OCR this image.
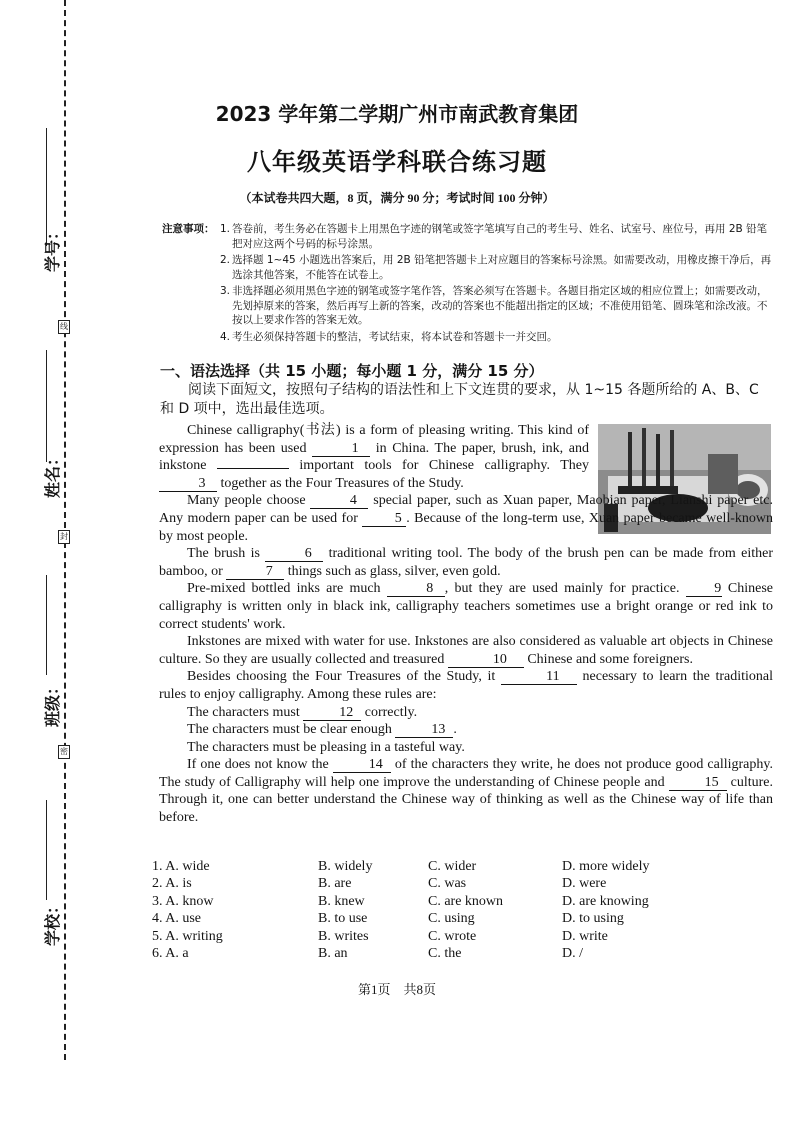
学号：
线
姓名：
封
班级：
密
学校：
2023 学年第二学期广州市南武教育集团
八年级英语学科联合练习题
（本试卷共四大题，8 页，满分 90 分；考试时间 100 分钟）
注意事项： 1. 答卷前，考生务必在答题卡上用黑色字迹的钢笔或签字笔填写自己的考生号、姓名、试室号、座位号，再用 2B 铅笔把对应这两个号码的标号涂黑。
2. 选择题 1~45 小题选出答案后，用 2B 铅笔把答题卡上对应题目的答案标号涂黑。如需要改动，用橡皮擦干净后，再选涂其他答案，不能答在试卷上。
3. 非选择题必须用黑色字迹的钢笔或签字笔作答，答案必须写在答题卡。各题目指定区域的相应位置上；如需要改动，先划掉原来的答案，然后再写上新的答案，改动的答案也不能超出指定的区域；不准使用铅笔、圆珠笔和涂改液。不按以上要求作答的答案无效。
4. 考生必须保持答题卡的整洁，考试结束，将本试卷和答题卡一并交回。
一、语法选择（共 15 小题；每小题 1 分，满分 15 分）
阅读下面短文，按照句子结构的语法性和上下文连贯的要求，从 1~15 各题所给的 A、B、C 和 D 项中，选出最佳选项。

Chinese calligraphy(书法) is a form of pleasing writing. This kind of expression has been used	1 in China. The paper, brush, ink, and inkstone	important tools for Chinese calligraphy. They 3 together as the Four Treasures of the Study.

Many people choose	4 special paper, such as Xuan paper, Maobian paper, Lianshi paper etc. Any modern paper can be used for 5 . Because of the long-term use, Xuan paper became well-known by most people.

The brush is	6 traditional writing tool. The body of the brush pen can be made from either bamboo, or	7 things such as glass, silver, even gold.

Pre-mixed bottled inks are much	8 , but they are used mainly for practice. 9 Chinese calligraphy is written only in black ink, calligraphy teachers sometimes use a bright orange or red ink to correct students' work.

Inkstones are mixed with water for use. Inkstones are also considered as valuable art objects in Chinese culture. So they are usually collected and treasured	10 Chinese and some foreigners.

Besides choosing the Four Treasures of the Study, it	11 necessary to learn the traditional rules to enjoy calligraphy. Among these rules are:

The characters must	12 correctly.

The characters must be clear enough	13 .

The characters must be pleasing in a tasteful way.

If one does not know the	14 of the characters they write, he does not produce good calligraphy. The study of Calligraphy will help one improve the understanding of Chinese people and	15 culture. Through it, one can better understand the Chinese way of thinking as well as the Chinese way of life than before.

1. A. wide	B. widely	C. wider	D. more widely
2. A. is	B. are	C. was	D. were
3. A. know	B. knew	C. are known	D. are knowing
4. A. use	B. to use	C. using	D. to using
5. A. writing	B. writes	C. wrote	D. write
6. A. a	B. an	C. the	D. /
第1页　共8页
